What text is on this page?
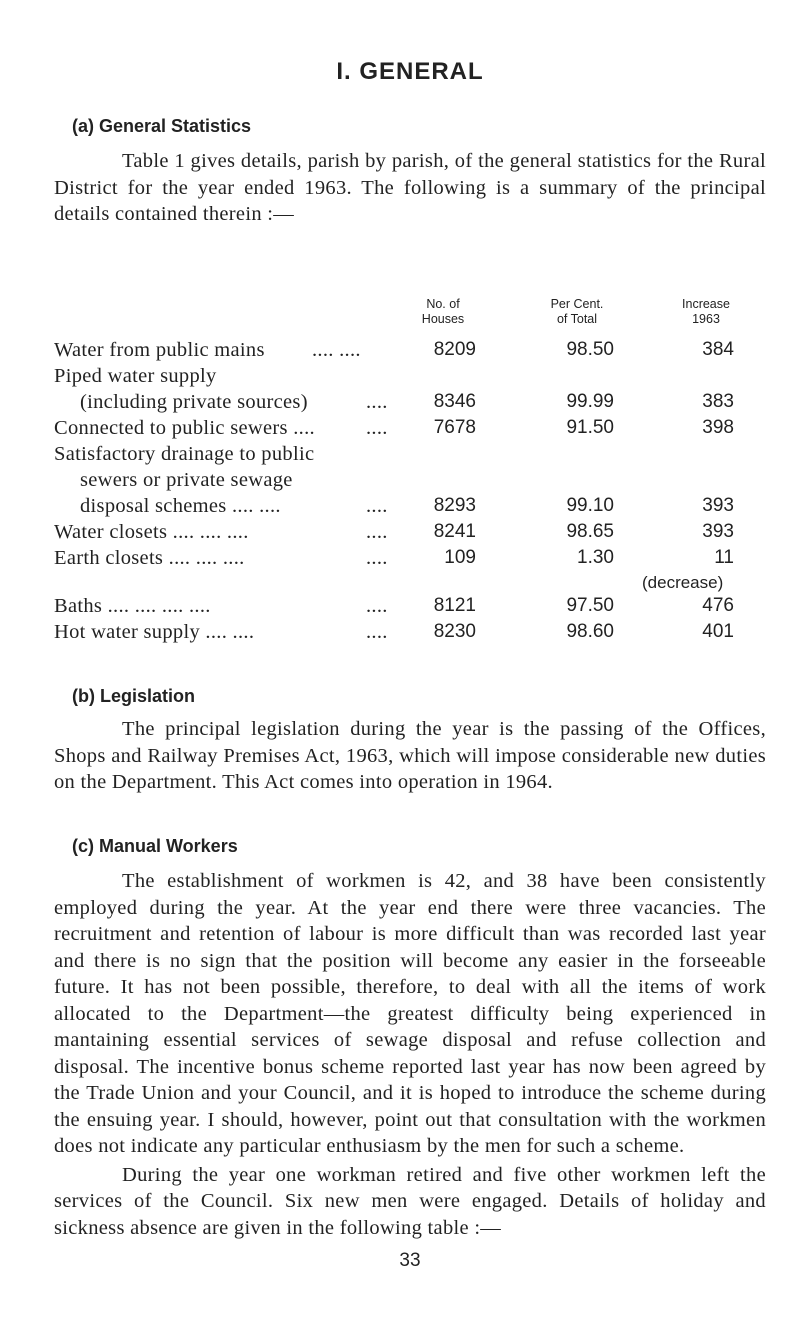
I. GENERAL
(a) General Statistics

Table 1 gives details, parish by parish, of the general statistics for the Rural District for the year ended 1963. The following is a summary of the principal details contained therein :—

No. of
Houses
Per Cent.
of Total
Increase
1963
Water from public mains .... ....	8209	98.50	384
Piped water supply
(including private sources)	....	8346	99.99	383
Connected to public sewers .... ....	7678	91.50	398
Satisfactory drainage to public
sewers or private sewage
disposal schemes .... ....	....	8293	99.10	393
Water closets .... .... ....	....	8241	98.65	393
Earth closets .... .... ....	....	109	1.30	11
(decrease)
Baths .... .... .... ....	....	8121	97.50	476
Hot water supply .... ....	....	8230	98.60	401
(b) Legislation

The principal legislation during the year is the passing of the Offices, Shops and Railway Premises Act, 1963, which will impose considerable new duties on the Department. This Act comes into operation in 1964.

(c) Manual Workers

The establishment of workmen is 42, and 38 have been consistently employed during the year. At the year end there were three vacancies. The recruitment and retention of labour is more difficult than was recorded last year and there is no sign that the position will become any easier in the forseeable future. It has not been possible, therefore, to deal with all the items of work allocated to the Department—the greatest difficulty being experienced in mantaining essential services of sewage disposal and refuse collection and disposal. The incentive bonus scheme reported last year has now been agreed by the Trade Union and your Council, and it is hoped to introduce the scheme during the ensuing year. I should, however, point out that consultation with the workmen does not indicate any particular enthusiasm by the men for such a scheme.

During the year one workman retired and five other workmen left the services of the Council. Six new men were engaged. Details of holiday and sickness absence are given in the following table :—

33
